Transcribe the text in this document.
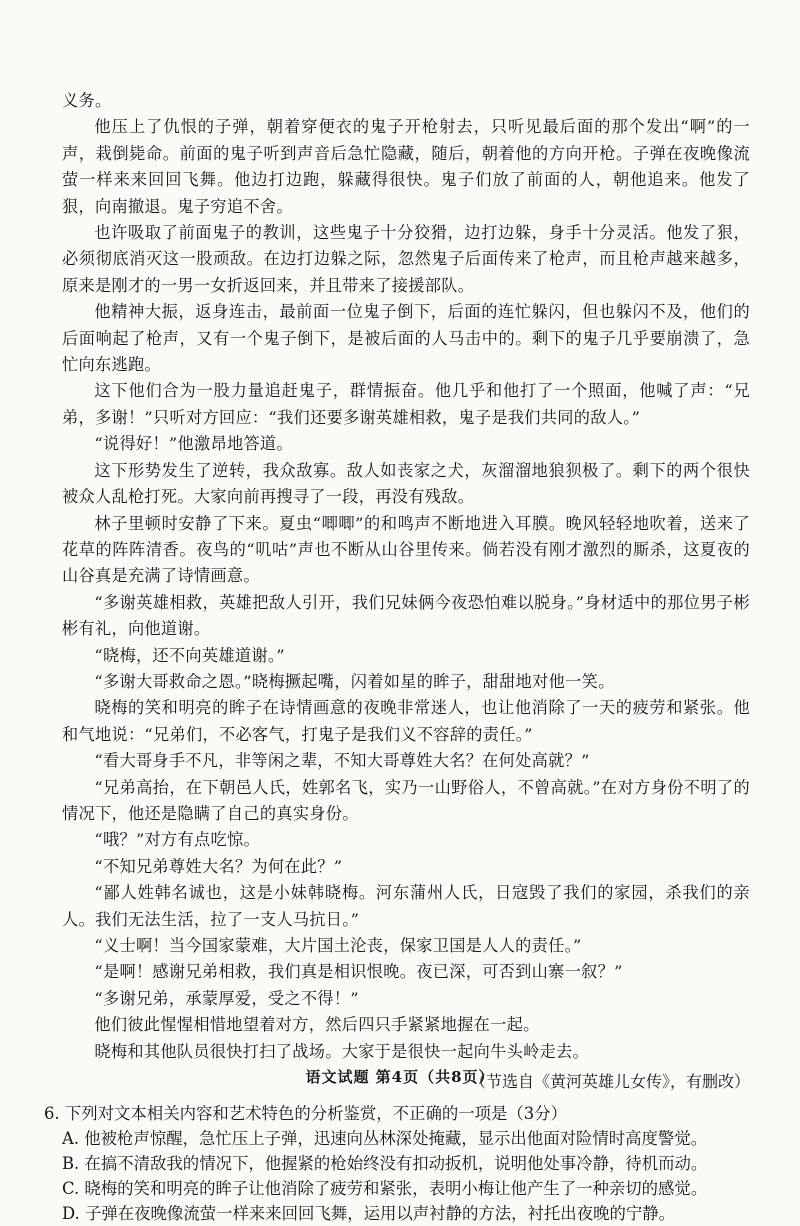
义务。

他压上了仇恨的子弹，朝着穿便衣的鬼子开枪射去，只听见最后面的那个发出“啊”的一声，栽倒毙命。前面的鬼子听到声音后急忙隐藏，随后，朝着他的方向开枪。子弹在夜晚像流萤一样来来回回飞舞。他边打边跑，躲藏得很快。鬼子们放了前面的人，朝他追来。他发了狠，向南撤退。鬼子穷追不舍。

也许吸取了前面鬼子的教训，这些鬼子十分狡猾，边打边躲，身手十分灵活。他发了狠，必须彻底消灭这一股顽敌。在边打边躲之际，忽然鬼子后面传来了枪声，而且枪声越来越多，原来是刚才的一男一女折返回来，并且带来了接援部队。

他精神大振，返身连击，最前面一位鬼子倒下，后面的连忙躲闪，但也躲闪不及，他们的后面响起了枪声，又有一个鬼子倒下，是被后面的人马击中的。剩下的鬼子几乎要崩溃了，急忙向东逃跑。

这下他们合为一股力量追赶鬼子，群情振奋。他几乎和他打了一个照面，他喊了声：“兄弟，多谢！”只听对方回应：“我们还要多谢英雄相救，鬼子是我们共同的敌人。”

“说得好！”他激昂地答道。

这下形势发生了逆转，我众敌寡。敌人如丧家之犬，灰溜溜地狼狈极了。剩下的两个很快被众人乱枪打死。大家向前再搜寻了一段，再没有残敌。

林子里顿时安静了下来。夏虫“唧唧”的和鸣声不断地进入耳膜。晚风轻轻地吹着，送来了花草的阵阵清香。夜鸟的“叽咕”声也不断从山谷里传来。倘若没有刚才激烈的厮杀，这夏夜的山谷真是充满了诗情画意。

“多谢英雄相救，英雄把敌人引开，我们兄妹俩今夜恐怕难以脱身。”身材适中的那位男子彬彬有礼，向他道谢。

“晓梅，还不向英雄道谢。”

“多谢大哥救命之恩。”晓梅撅起嘴，闪着如星的眸子，甜甜地对他一笑。

晓梅的笑和明亮的眸子在诗情画意的夜晚非常迷人，也让他消除了一天的疲劳和紧张。他和气地说：“兄弟们，不必客气，打鬼子是我们义不容辞的责任。”

“看大哥身手不凡，非等闲之辈，不知大哥尊姓大名？在何处高就？”

“兄弟高抬，在下朝邑人氏，姓郭名飞，实乃一山野俗人，不曾高就。”在对方身份不明了的情况下，他还是隐瞒了自己的真实身份。

“哦？”对方有点吃惊。

“不知兄弟尊姓大名？为何在此？”

“鄙人姓韩名诚也，这是小妹韩晓梅。河东蒲州人氏，日寇毁了我们的家园，杀我们的亲人。我们无法生活，拉了一支人马抗日。”

“义士啊！当今国家蒙难，大片国土沦丧，保家卫国是人人的责任。”

“是啊！感谢兄弟相救，我们真是相识恨晚。夜已深，可否到山寨一叙？”

“多谢兄弟，承蒙厚爱，受之不得！”

他们彼此惺惺相惜地望着对方，然后四只手紧紧地握在一起。

晓梅和其他队员很快打扫了战场。大家于是很快一起向牛头岭走去。

（节选自《黄河英雄儿女传》，有删改）

6. 下列对文本相关内容和艺术特色的分析鉴赏，不正确的一项是（3分）

A. 他被枪声惊醒，急忙压上子弹，迅速向丛林深处掩藏，显示出他面对险情时高度警觉。

B. 在搞不清敌我的情况下，他握紧的枪始终没有扣动扳机，说明他处事冷静，待机而动。

C. 晓梅的笑和明亮的眸子让他消除了疲劳和紧张，表明小梅让他产生了一种亲切的感觉。

D. 子弹在夜晚像流萤一样来来回回飞舞，运用以声衬静的方法，衬托出夜晚的宁静。

语文试题 第4页（共8页）
